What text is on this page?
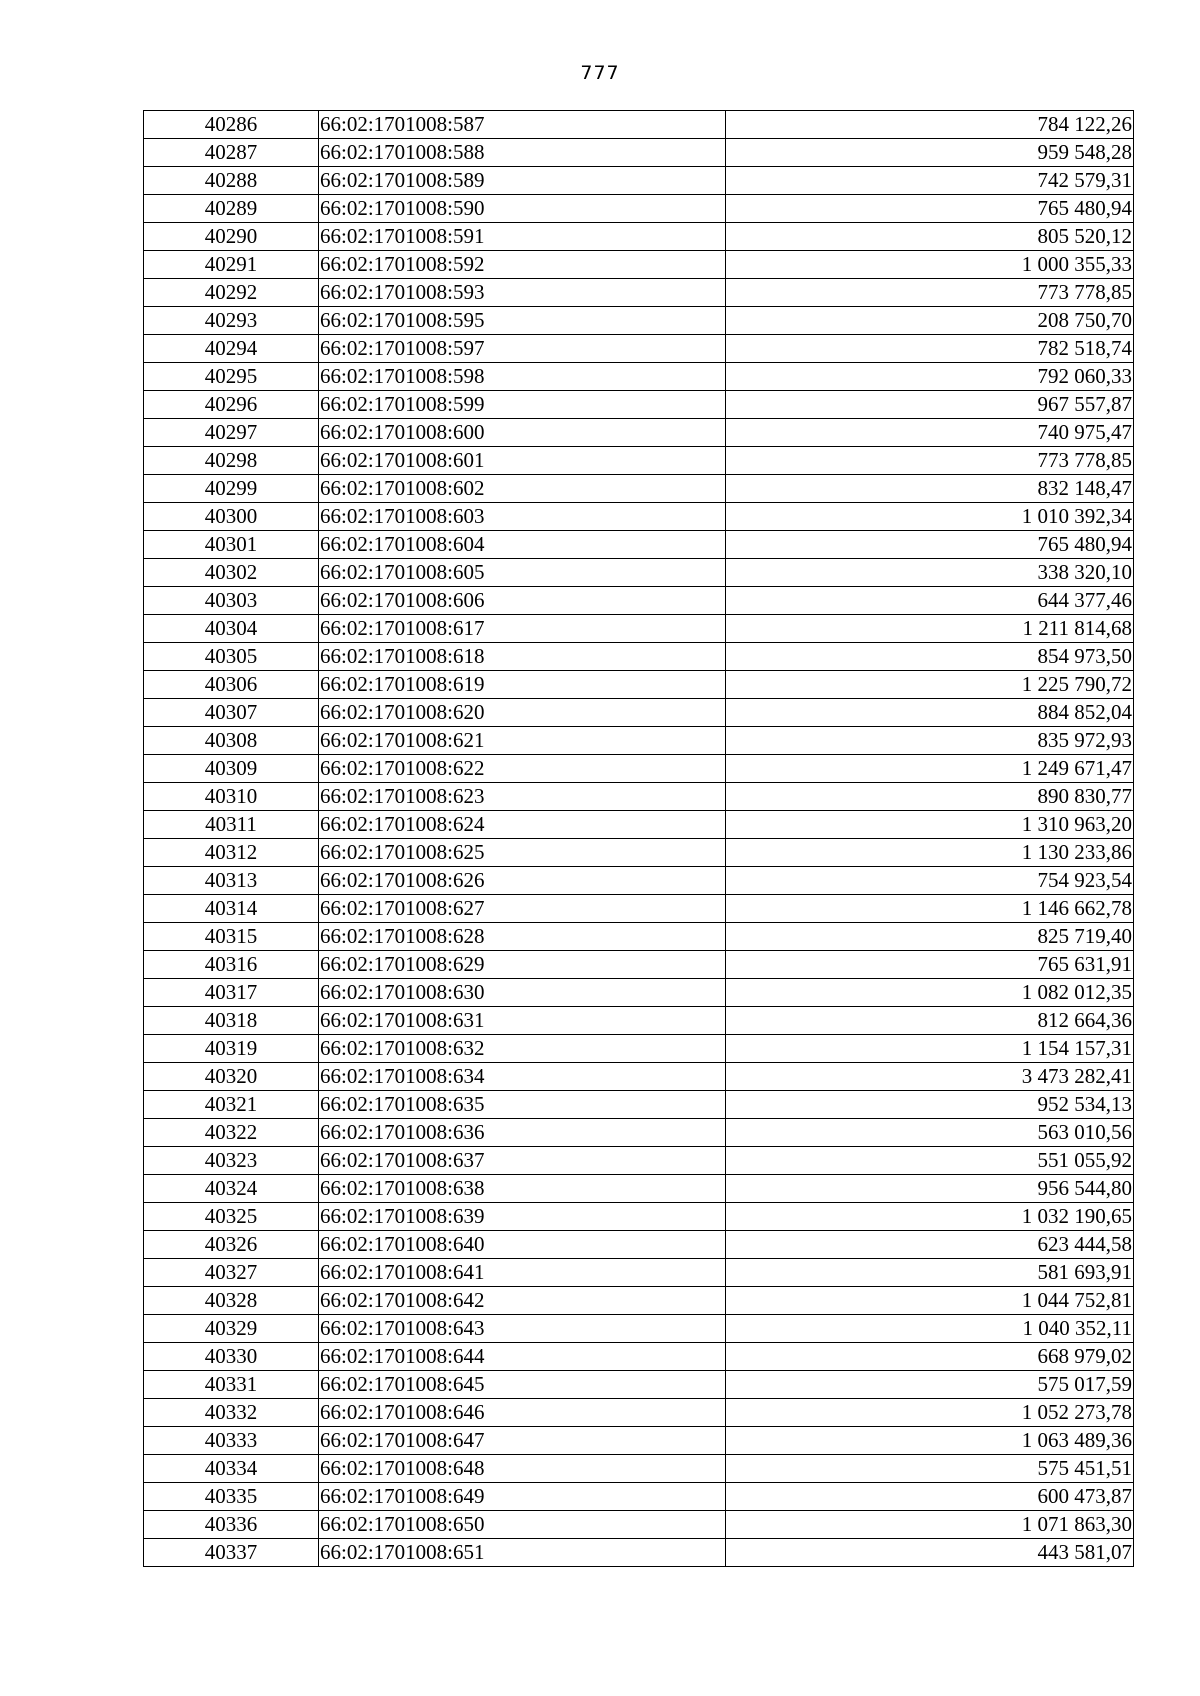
777
40286	66:02:1701008:587	784 122,26
40287	66:02:1701008:588	959 548,28
40288	66:02:1701008:589	742 579,31
40289	66:02:1701008:590	765 480,94
40290	66:02:1701008:591	805 520,12
40291	66:02:1701008:592	1 000 355,33
40292	66:02:1701008:593	773 778,85
40293	66:02:1701008:595	208 750,70
40294	66:02:1701008:597	782 518,74
40295	66:02:1701008:598	792 060,33
40296	66:02:1701008:599	967 557,87
40297	66:02:1701008:600	740 975,47
40298	66:02:1701008:601	773 778,85
40299	66:02:1701008:602	832 148,47
40300	66:02:1701008:603	1 010 392,34
40301	66:02:1701008:604	765 480,94
40302	66:02:1701008:605	338 320,10
40303	66:02:1701008:606	644 377,46
40304	66:02:1701008:617	1 211 814,68
40305	66:02:1701008:618	854 973,50
40306	66:02:1701008:619	1 225 790,72
40307	66:02:1701008:620	884 852,04
40308	66:02:1701008:621	835 972,93
40309	66:02:1701008:622	1 249 671,47
40310	66:02:1701008:623	890 830,77
40311	66:02:1701008:624	1 310 963,20
40312	66:02:1701008:625	1 130 233,86
40313	66:02:1701008:626	754 923,54
40314	66:02:1701008:627	1 146 662,78
40315	66:02:1701008:628	825 719,40
40316	66:02:1701008:629	765 631,91
40317	66:02:1701008:630	1 082 012,35
40318	66:02:1701008:631	812 664,36
40319	66:02:1701008:632	1 154 157,31
40320	66:02:1701008:634	3 473 282,41
40321	66:02:1701008:635	952 534,13
40322	66:02:1701008:636	563 010,56
40323	66:02:1701008:637	551 055,92
40324	66:02:1701008:638	956 544,80
40325	66:02:1701008:639	1 032 190,65
40326	66:02:1701008:640	623 444,58
40327	66:02:1701008:641	581 693,91
40328	66:02:1701008:642	1 044 752,81
40329	66:02:1701008:643	1 040 352,11
40330	66:02:1701008:644	668 979,02
40331	66:02:1701008:645	575 017,59
40332	66:02:1701008:646	1 052 273,78
40333	66:02:1701008:647	1 063 489,36
40334	66:02:1701008:648	575 451,51
40335	66:02:1701008:649	600 473,87
40336	66:02:1701008:650	1 071 863,30
40337	66:02:1701008:651	443 581,07
